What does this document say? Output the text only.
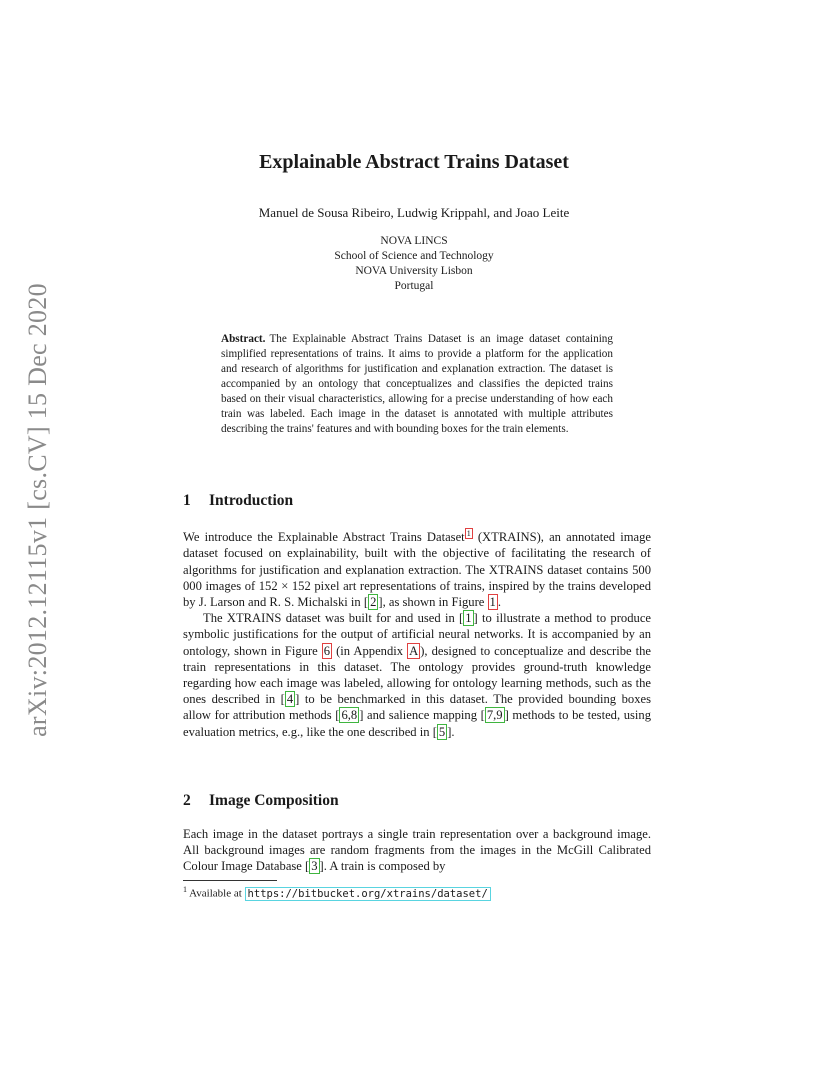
arXiv:2012.12115v1 [cs.CV] 15 Dec 2020
Explainable Abstract Trains Dataset
Manuel de Sousa Ribeiro, Ludwig Krippahl, and Joao Leite
NOVA LINCS
School of Science and Technology
NOVA University Lisbon
Portugal
Abstract. The Explainable Abstract Trains Dataset is an image dataset containing simplified representations of trains. It aims to provide a platform for the application and research of algorithms for justification and explanation extraction. The dataset is accompanied by an ontology that conceptualizes and classifies the depicted trains based on their visual characteristics, allowing for a precise understanding of how each train was labeled. Each image in the dataset is annotated with multiple attributes describing the trains' features and with bounding boxes for the train elements.
1 Introduction

We introduce the Explainable Abstract Trains Dataset $^1$ (XTRAINS), an annotated image dataset focused on explainability, built with the objective of facilitating the research of algorithms for justification and explanation extraction. The XTRAINS dataset contains 500 000 images of 152 × 152 pixel art representations of trains, inspired by the trains developed by J. Larson and R. S. Michalski in [ 2 ], as shown in Figure 1 .

The XTRAINS dataset was built for and used in [ 1 ] to illustrate a method to produce symbolic justifications for the output of artificial neural networks. It is accompanied by an ontology, shown in Figure 6 (in Appendix A ), designed to conceptualize and describe the train representations in this dataset. The ontology provides ground-truth knowledge regarding how each image was labeled, allowing for ontology learning methods, such as the ones described in [ 4 ] to be benchmarked in this dataset. The provided bounding boxes allow for attribution methods [ 6,8 ] and salience mapping [ 7,9 ] methods to be tested, using evaluation metrics, e.g., like the one described in [ 5 ].

2 Image Composition

Each image in the dataset portrays a single train representation over a background image. All background images are random fragments from the images in the McGill Calibrated Colour Image Database [ 3 ]. A train is composed by

$^1$ Available at https://bitbucket.org/xtrains/dataset/
